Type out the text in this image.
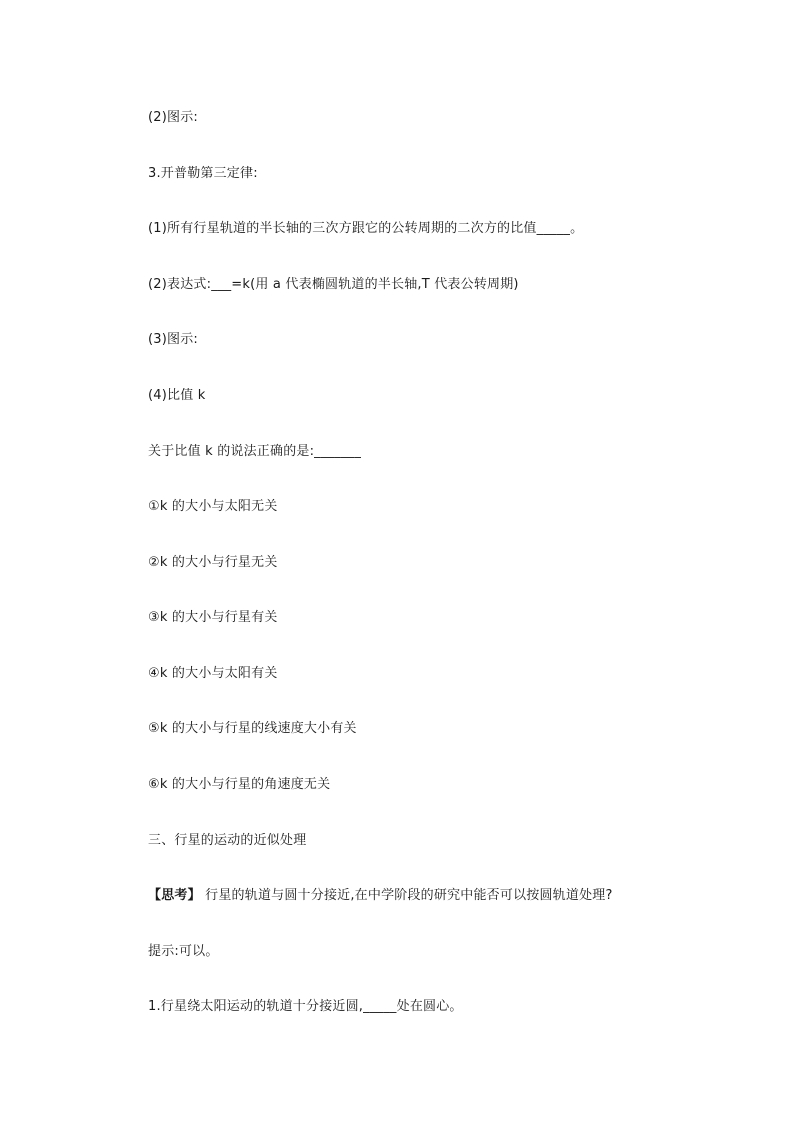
(2)图示:
3.开普勒第三定律:
(1)所有行星轨道的半长轴的三次方跟它的公转周期的二次方的比值_____。
(2)表达式:___=k(用 a 代表椭圆轨道的半长轴,T 代表公转周期)
(3)图示:
(4)比值 k
关于比值 k 的说法正确的是:_______
①k 的大小与太阳无关
②k 的大小与行星无关
③k 的大小与行星有关
④k 的大小与太阳有关
⑤k 的大小与行星的线速度大小有关
⑥k 的大小与行星的角速度无关
三、行星的运动的近似处理
【思考】 行星的轨道与圆十分接近,在中学阶段的研究中能否可以按圆轨道处理?
提示:可以。
1.行星绕太阳运动的轨道十分接近圆,_____处在圆心。
